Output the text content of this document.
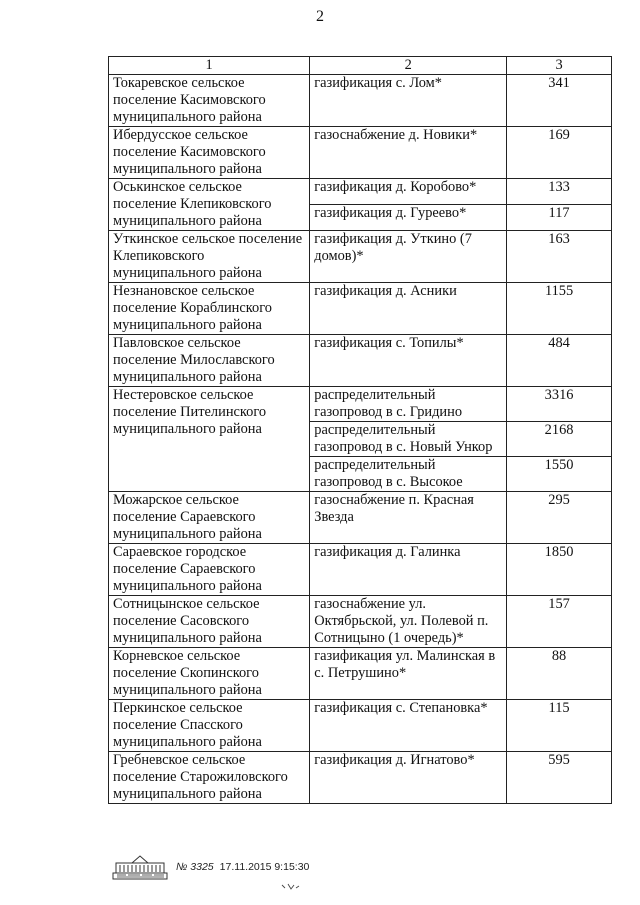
2
1	2	3
Токаревское сельское поселение Касимовского муниципального района	газификация с. Лом*	341
Ибердусское сельское поселение Касимовского муниципального района	газоснабжение д. Новики*	169
Оськинское сельское поселение Клепиковского муниципального района	газификация д. Коробово*	133
	газификация д. Гуреево*	117
Уткинское сельское поселение Клепиковского муниципального района	газификация д. Уткино (7 домов)*	163
Незнановское сельское поселение Кораблинского муниципального района	газификация д. Асники	1155
Павловское сельское поселение Милославского муниципального района	газификация с. Топилы*	484
Нестеровское сельское поселение Пителинского муниципального района	распределительный газопровод в с. Гридино	3316
	распределительный газопровод в с. Новый Ункор	2168
	распределительный газопровод в с. Высокое	1550
Можарское сельское поселение Сараевского муниципального района	газоснабжение п. Красная Звезда	295
Сараевское городское поселение Сараевского муниципального района	газификация д. Галинка	1850
Сотницынское сельское поселение Сасовского муниципального района	газоснабжение ул. Октябрьской, ул. Полевой п. Сотницыно (1 очередь)*	157
Корневское сельское поселение Скопинского муниципального района	газификация ул. Малинская в с. Петрушино*	88
Перкинское сельское поселение Спасского муниципального района	газификация с. Степановка*	115
Гребневское сельское поселение Старожиловского муниципального района	газификация д. Игнатово*	595
№ 3325 17.11.2015 9:15:30
